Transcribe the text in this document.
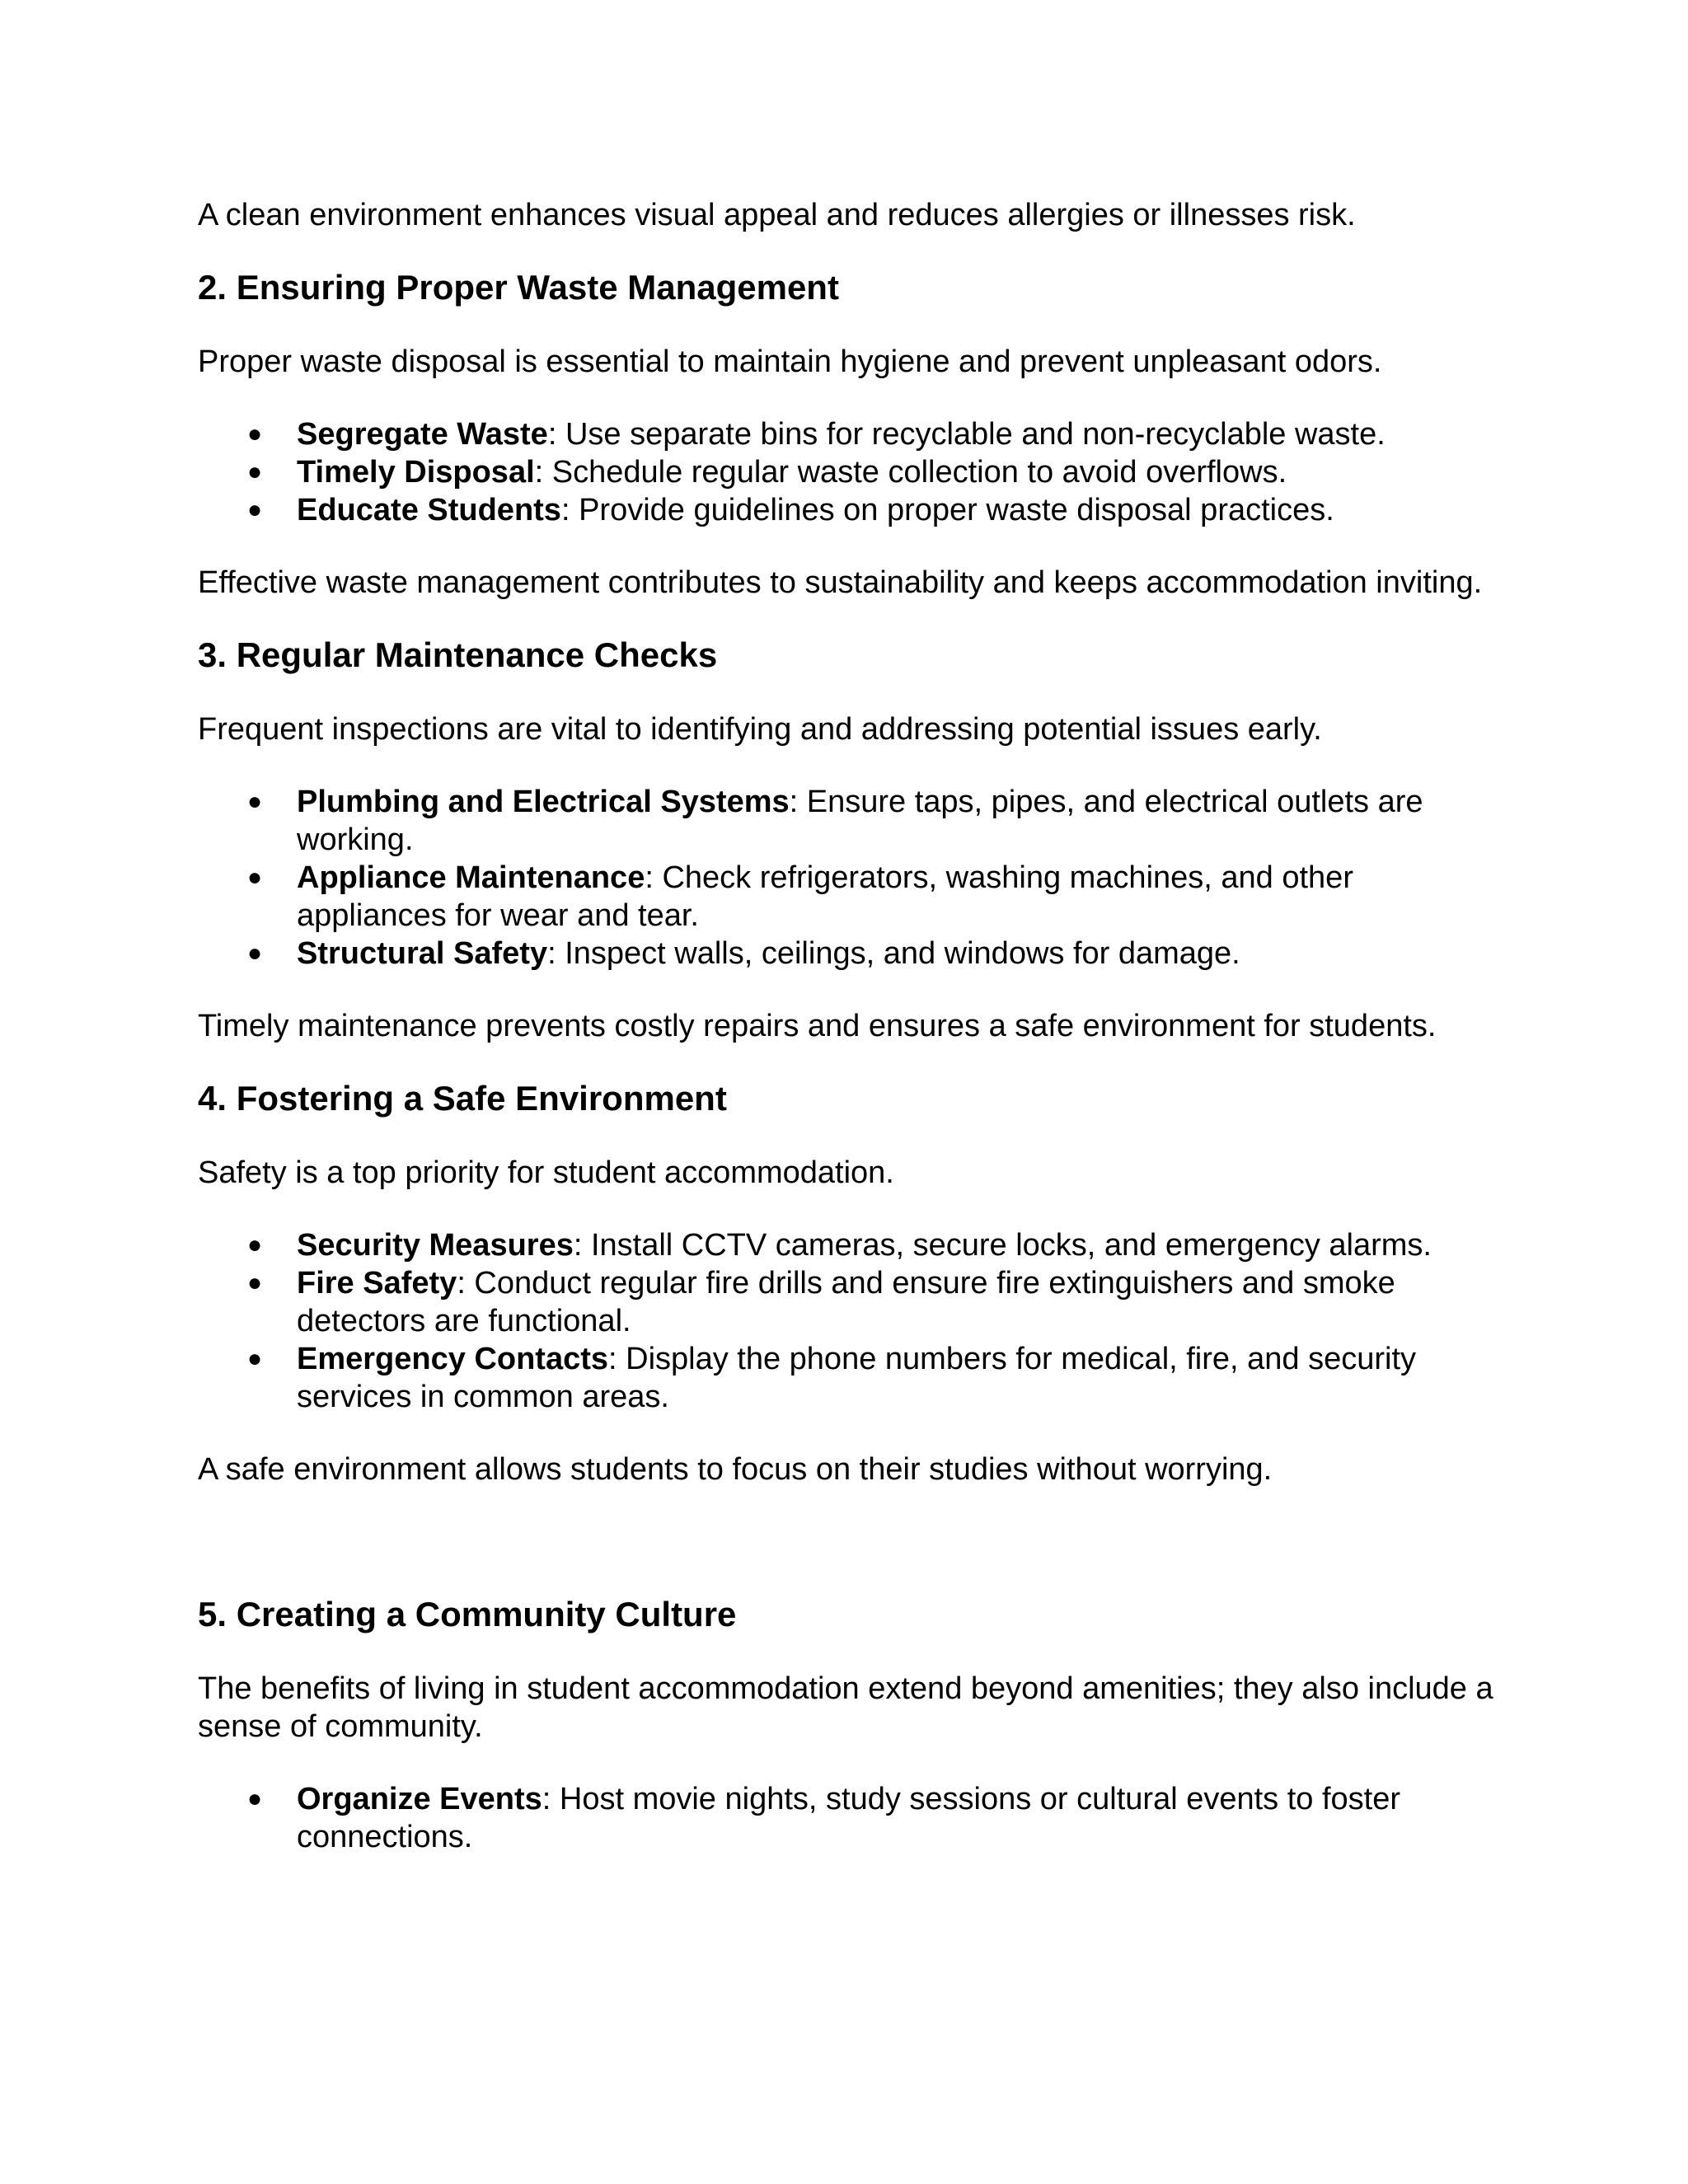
A clean environment enhances visual appeal and reduces allergies or illnesses risk.

2. Ensuring Proper Waste Management

Proper waste disposal is essential to maintain hygiene and prevent unpleasant odors.

● Segregate Waste: Use separate bins for recyclable and non-recyclable waste.
● Timely Disposal: Schedule regular waste collection to avoid overflows.
● Educate Students: Provide guidelines on proper waste disposal practices.

Effective waste management contributes to sustainability and keeps accommodation inviting.

3. Regular Maintenance Checks

Frequent inspections are vital to identifying and addressing potential issues early.

● Plumbing and Electrical Systems: Ensure taps, pipes, and electrical outlets are working.
● Appliance Maintenance: Check refrigerators, washing machines, and other appliances for wear and tear.
● Structural Safety: Inspect walls, ceilings, and windows for damage.

Timely maintenance prevents costly repairs and ensures a safe environment for students.

4. Fostering a Safe Environment

Safety is a top priority for student accommodation.

● Security Measures: Install CCTV cameras, secure locks, and emergency alarms.
● Fire Safety: Conduct regular fire drills and ensure fire extinguishers and smoke detectors are functional.
● Emergency Contacts: Display the phone numbers for medical, fire, and security services in common areas.

A safe environment allows students to focus on their studies without worrying.

5. Creating a Community Culture

The benefits of living in student accommodation extend beyond amenities; they also include a sense of community.

● Organize Events: Host movie nights, study sessions or cultural events to foster connections.
